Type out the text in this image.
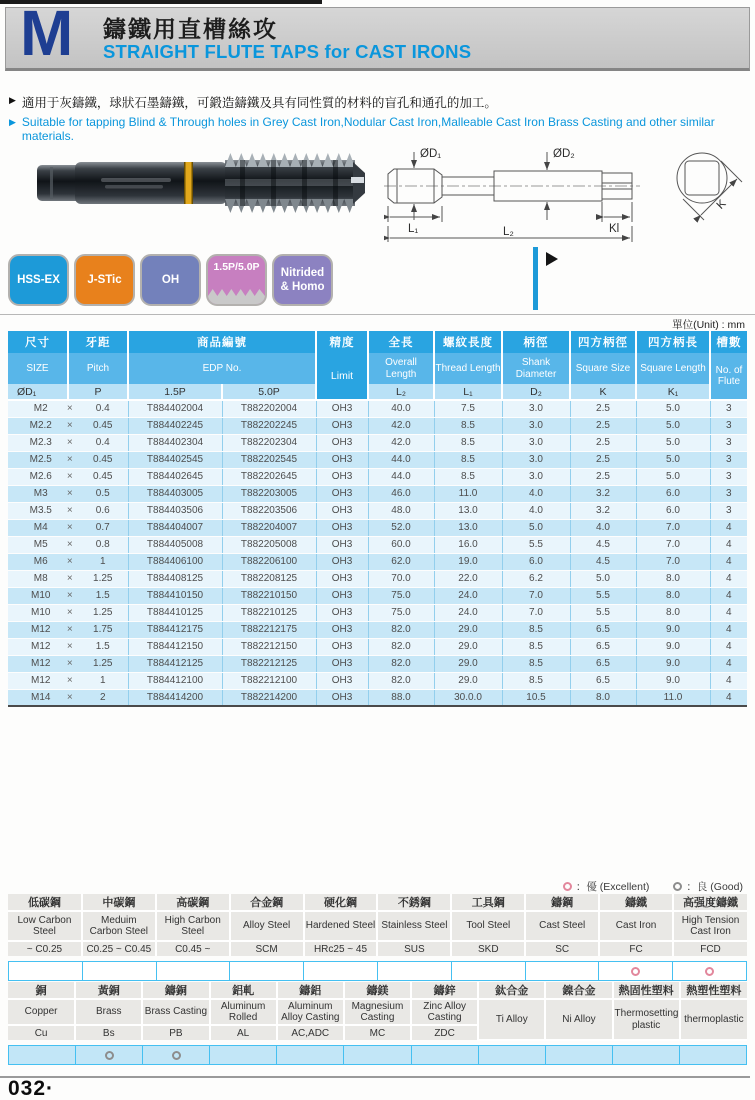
M 鑄鐵用直槽絲攻
STRAIGHT FLUTE TAPS for CAST IRONS
▶ 適用于灰鑄鐵，球狀石墨鑄鐵，可鍛造鑄鐵及具有同性質的材料的盲孔和通孔的加工。
▶ Suitable for tapping Blind & Through holes in Grey Cast Iron,Nodular Cast Iron,Malleable Cast Iron Brass Casting and other similar materials.
ØD₁	ØD₂
L₁	L₂	Kl
K
HSS-EX	J-STic	OH
1.5P/5.0P	Nitrided
& Homo
單位(Unit) : mm
尺寸	牙距	商品編號		精度	全長	螺紋長度	柄徑	四方柄徑	四方柄長	槽數
SIZE	Pitch	EDP No.		Limit	Overall Length	Thread Length	Shank Diameter	Square Size	Square Length	No. of Flute
ØD₁	P	1.5P	5.0P		L₂	L₁	D₂	K	K₁	
M2 × 0.4		T884402004	T882202004	OH3	40.0	7.5	3.0	2.5	5.0	3
M2.2 × 0.45		T884402245	T882202245	OH3	42.0	8.5	3.0	2.5	5.0	3
M2.3 × 0.4		T884402304	T882202304	OH3	42.0	8.5	3.0	2.5	5.0	3
M2.5 × 0.45		T884402545	T882202545	OH3	44.0	8.5	3.0	2.5	5.0	3
M2.6 × 0.45		T884402645	T882202645	OH3	44.0	8.5	3.0	2.5	5.0	3
M3 × 0.5		T884403005	T882203005	OH3	46.0	11.0	4.0	3.2	6.0	3
M3.5 × 0.6		T884403506	T882203506	OH3	48.0	13.0	4.0	3.2	6.0	3
M4 × 0.7		T884404007	T882204007	OH3	52.0	13.0	5.0	4.0	7.0	4
M5 × 0.8		T884405008	T882205008	OH3	60.0	16.0	5.5	4.5	7.0	4
M6 × 1		T884406100	T882206100	OH3	62.0	19.0	6.0	4.5	7.0	4
M8 × 1.25		T884408125	T882208125	OH3	70.0	22.0	6.2	5.0	8.0	4
M10 × 1.5		T884410150	T882210150	OH3	75.0	24.0	7.0	5.5	8.0	4
M10 × 1.25		T884410125	T882210125	OH3	75.0	24.0	7.0	5.5	8.0	4
M12 × 1.75		T884412175	T882212175	OH3	82.0	29.0	8.5	6.5	9.0	4
M12 × 1.5		T884412150	T882212150	OH3	82.0	29.0	8.5	6.5	9.0	4
M12 × 1.25		T884412125	T882212125	OH3	82.0	29.0	8.5	6.5	9.0	4
M12 × 1		T884412100	T882212100	OH3	82.0	29.0	8.5	6.5	9.0	4
M14 × 2		T884414200	T882214200	OH3	88.0	30.0.0	10.5	8.0	11.0	4
：優 (Excellent)	：良 (Good)
低碳鋼	中碳鋼	高碳鋼	合金鋼	硬化鋼	不銹鋼	工具鋼	鑄鋼	鑄鐵	高强度鑄鐵
Low Carbon Steel	Meduim Carbon Steel	High Carbon Steel	Alloy Steel	Hardened Steel	Stainless Steel	Tool Steel	Cast Steel	Cast Iron	High Tension Cast Iron
~ C0.25	C0.25 ~ C0.45	C0.45 ~	SCM	HRc25 ~ 45	SUS	SKD	SC	FC	FCD
銅	黃銅	鑄銅	鋁軋	鑄鋁	鑄鎂	鑄鋅	鈦合金	鎳合金	熱固性塑料	熱塑性塑料
Copper	Brass	Brass Casting	Aluminum Rolled	Aluminum Alloy Casting	Magnesium Casting	Zinc Alloy Casting	Ti Alloy	Ni Alloy	Thermosetting plastic	thermoplastic
Cu	Bs	PB	AL	AC,ADC	MC	ZDC				
032·
